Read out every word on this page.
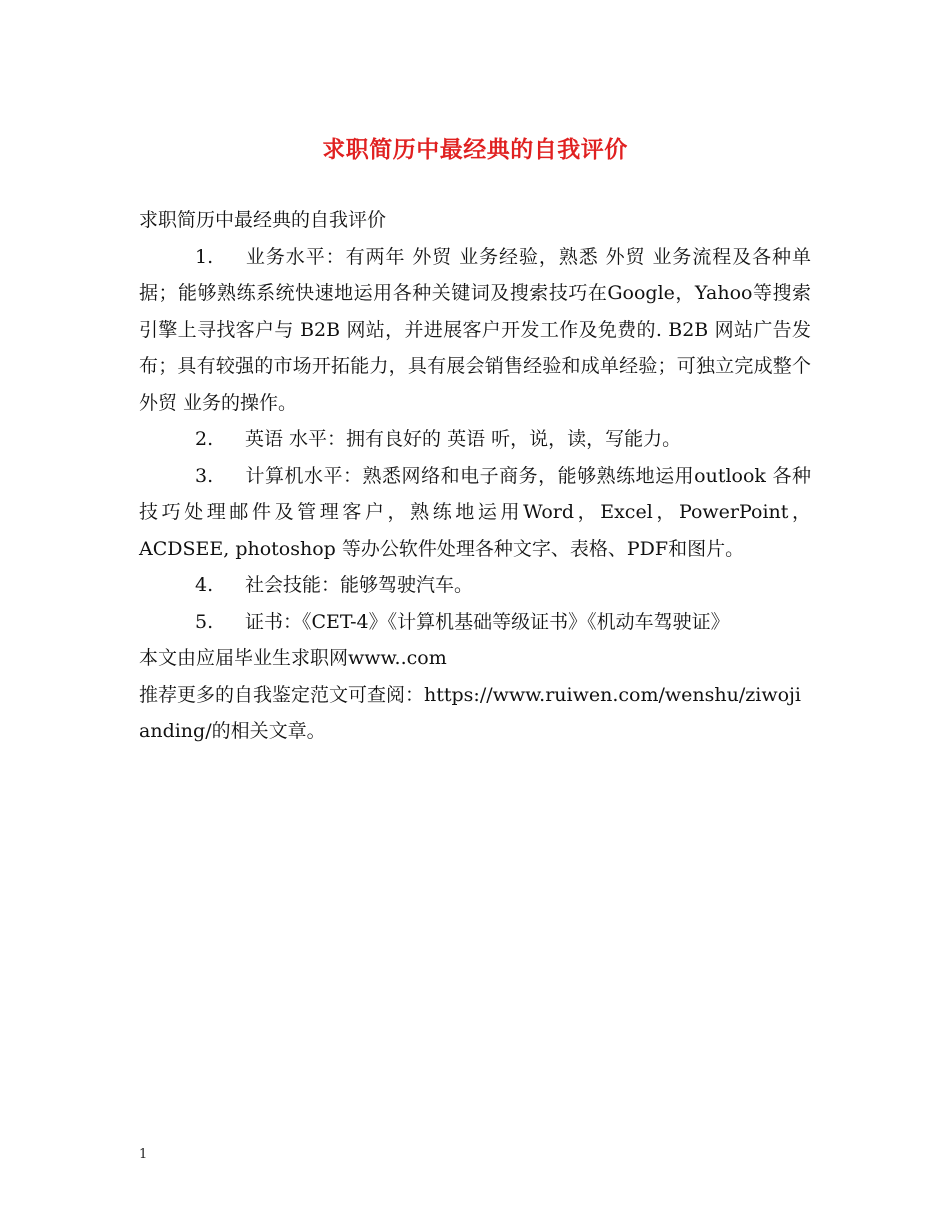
求职简历中最经典的自我评价

求职简历中最经典的自我评价

1. 业务水平：有两年 外贸 业务经验，熟悉 外贸 业务流程及各种单据；能够熟练系统快速地运用各种关键词及搜索技巧在Google，Yahoo等搜索引擎上寻找客户与 B2B 网站，并进展客户开发工作及免费的. B2B 网站广告发布；具有较强的市场开拓能力，具有展会销售经验和成单经验；可独立完成整个 外贸 业务的操作。

2. 英语 水平：拥有良好的 英语 听，说，读，写能力。

3. 计算机水平：熟悉网络和电子商务，能够熟练地运用outlook 各种技巧处理邮件及管理客户，熟练地运用Word，Excel，PowerPoint，ACDSEE, photoshop 等办公软件处理各种文字、表格、PDF和图片。

4. 社会技能：能够驾驶汽车。

5. 证书：《CET-4》《计算机基础等级证书》《机动车驾驶证》

本文由应届毕业生求职网www..com

推荐更多的自我鉴定范文可查阅：https://www.ruiwen.com/wenshu/ziwojianding/的相关文章。

1
